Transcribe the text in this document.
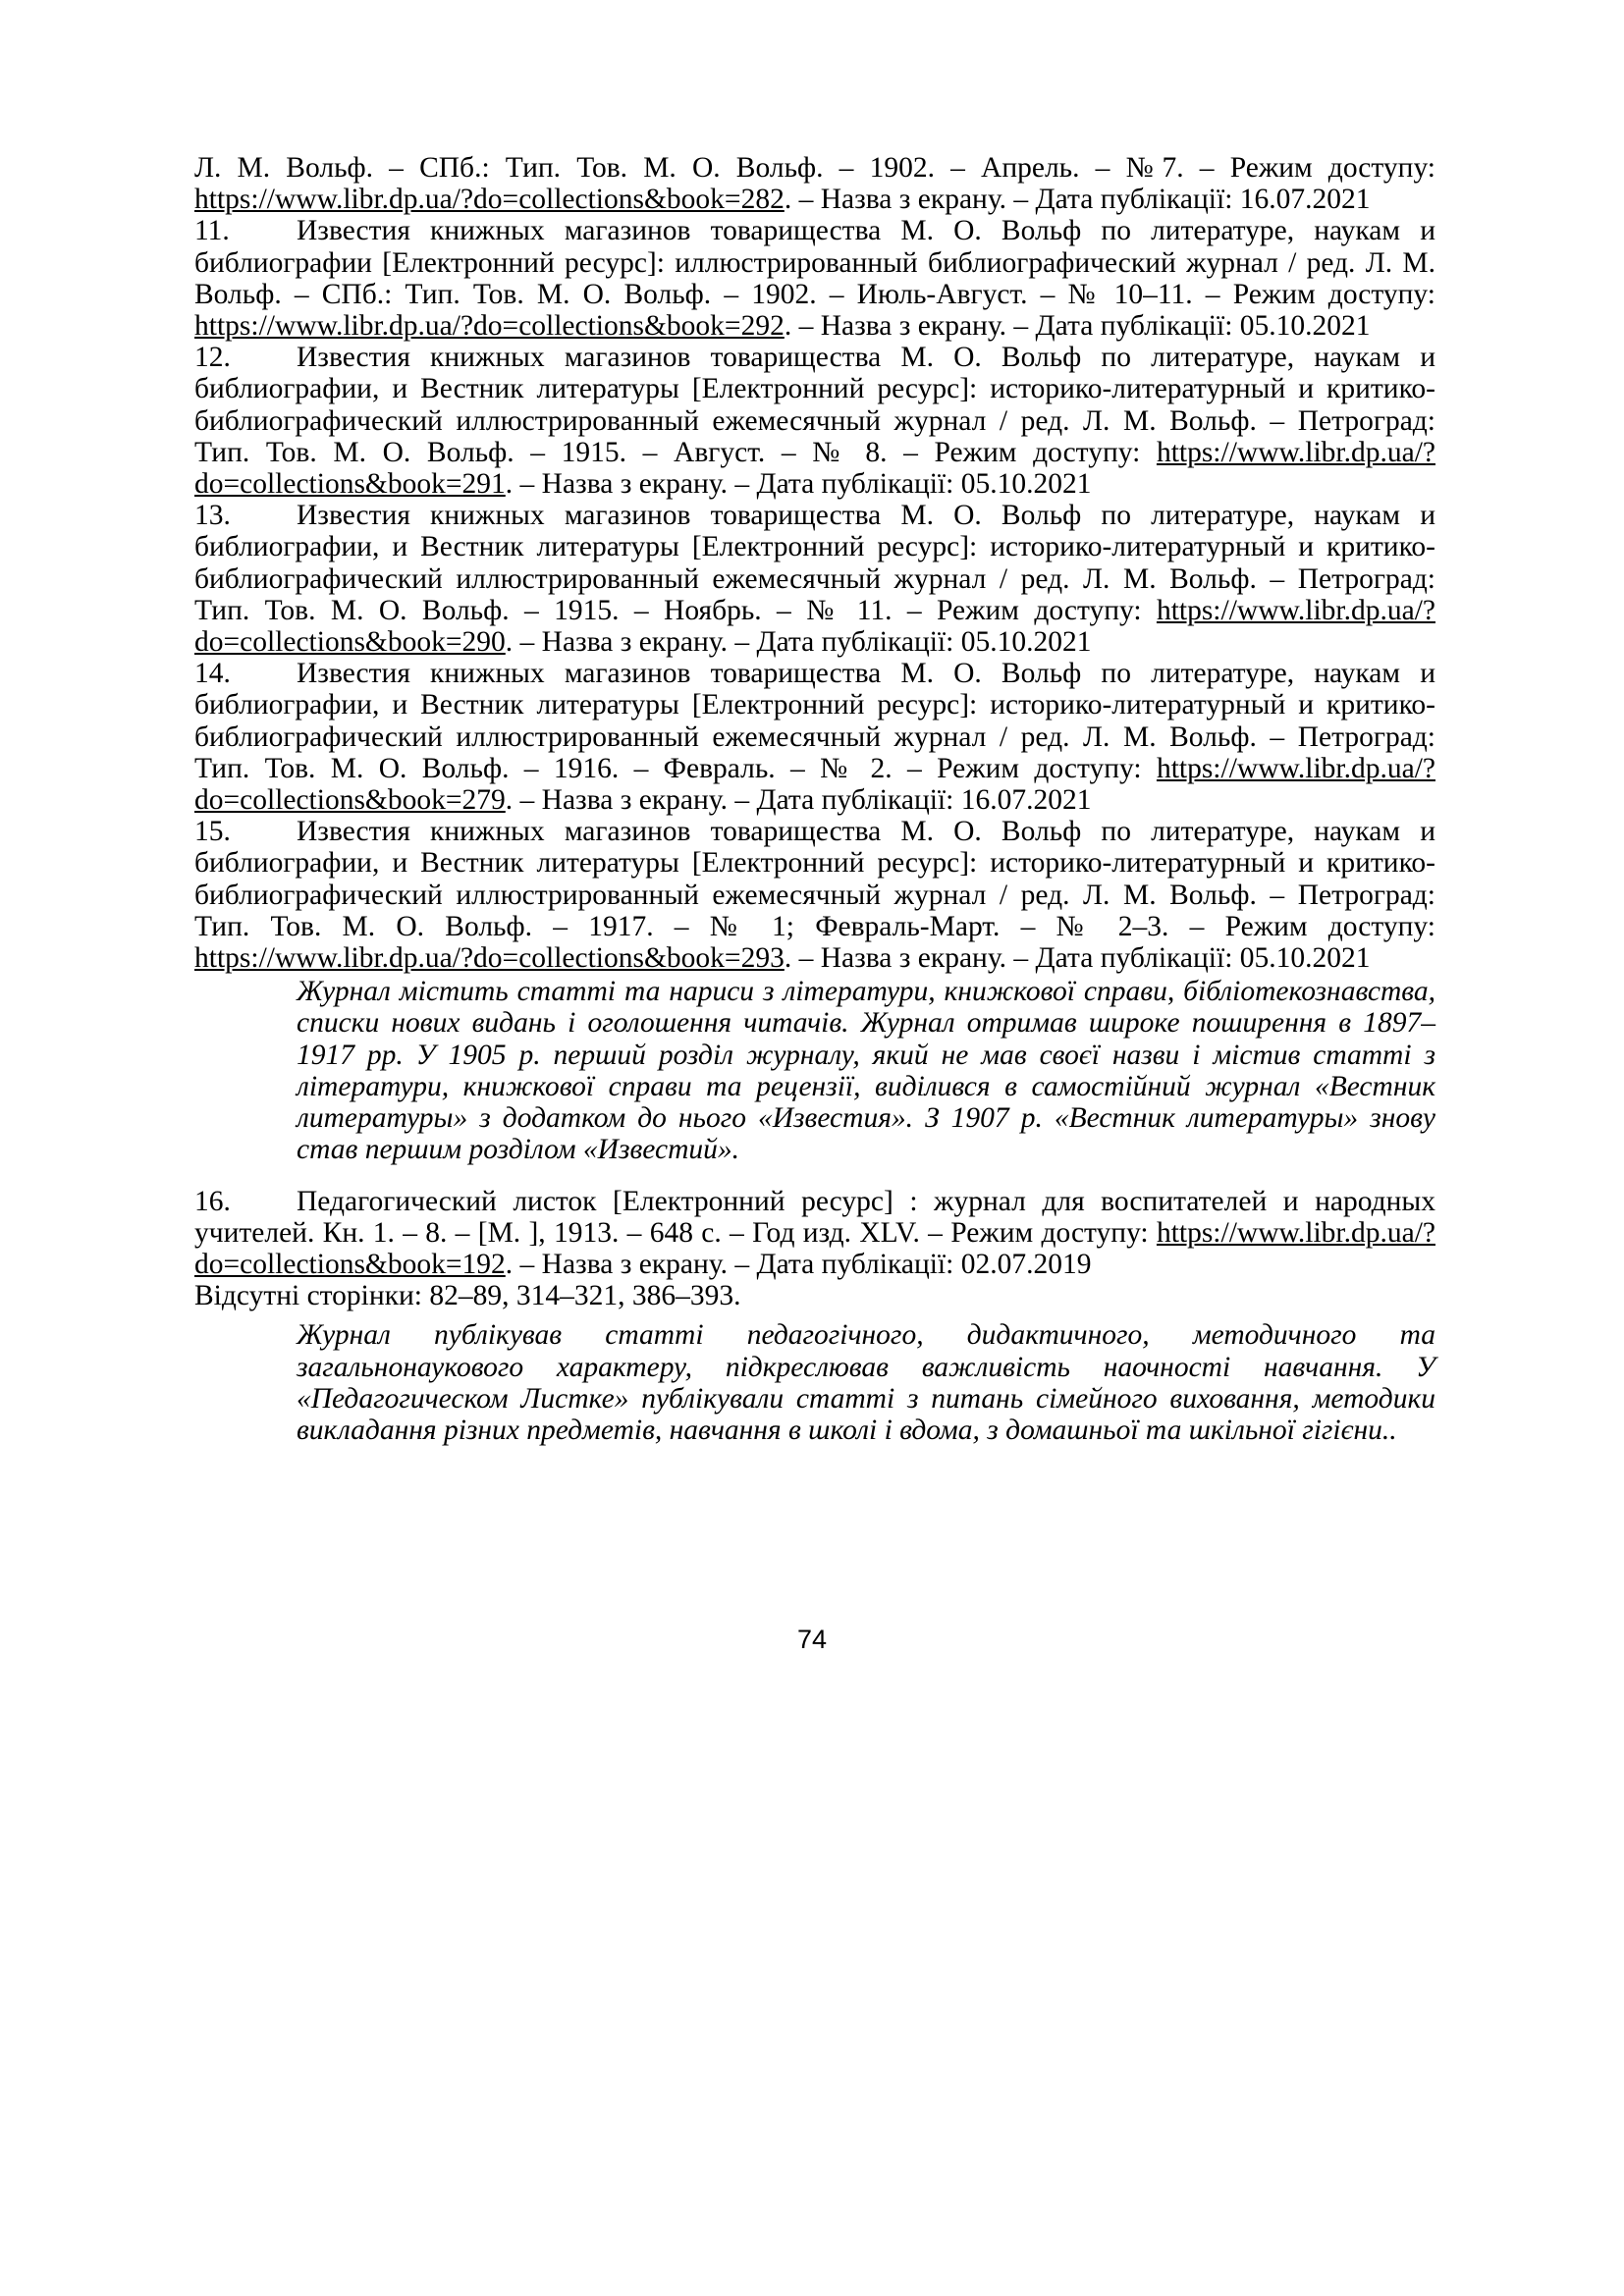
Л. М. Вольф. – СПб.: Тип. Тов. М. О. Вольф. – 1902. – Апрель. – №7. – Режим доступу: https://www.libr.dp.ua/?do=collections&book=282. – Назва з екрану. – Дата публікації: 16.07.2021

11. Известия книжных магазинов товарищества М. О. Вольф по литературе, наукам и библиографии [Електронний ресурс]: иллюстрированный библиографический журнал / ред. Л. М. Вольф. – СПб.: Тип. Тов. М. О. Вольф. – 1902. – Июль-Август. – № 10–11. – Режим доступу: https://www.libr.dp.ua/?do=collections&book=292. – Назва з екрану. – Дата публікації: 05.10.2021

12. Известия книжных магазинов товарищества М. О. Вольф по литературе, наукам и библиографии, и Вестник литературы [Електронний ресурс]: историко-литературный и критико-библиографический иллюстрированный ежемесячный журнал / ред. Л. М. Вольф. – Петроград: Тип. Тов. М. О. Вольф. – 1915. – Август. – № 8. – Режим доступу: https://www.libr.dp.ua/?do=collections&book=291. – Назва з екрану. – Дата публікації: 05.10.2021

13. Известия книжных магазинов товарищества М. О. Вольф по литературе, наукам и библиографии, и Вестник литературы [Електронний ресурс]: историко-литературный и критико-библиографический иллюстрированный ежемесячный журнал / ред. Л. М. Вольф. – Петроград: Тип. Тов. М. О. Вольф. – 1915. – Ноябрь. – № 11. – Режим доступу: https://www.libr.dp.ua/?do=collections&book=290. – Назва з екрану. – Дата публікації: 05.10.2021

14. Известия книжных магазинов товарищества М. О. Вольф по литературе, наукам и библиографии, и Вестник литературы [Електронний ресурс]: историко-литературный и критико-библиографический иллюстрированный ежемесячный журнал / ред. Л. М. Вольф. – Петроград: Тип. Тов. М. О. Вольф. – 1916. – Февраль. – № 2. – Режим доступу: https://www.libr.dp.ua/?do=collections&book=279. – Назва з екрану. – Дата публікації: 16.07.2021

15. Известия книжных магазинов товарищества М. О. Вольф по литературе, наукам и библиографии, и Вестник литературы [Електронний ресурс]: историко-литературный и критико-библиографический иллюстрированный ежемесячный журнал / ред. Л. М. Вольф. – Петроград: Тип. Тов. М. О. Вольф. – 1917. – № 1; Февраль-Март. – № 2–3. – Режим доступу: https://www.libr.dp.ua/?do=collections&book=293. – Назва з екрану. – Дата публікації: 05.10.2021

Журнал містить статті та нариси з літератури, книжкової справи, бібліотекознавства, списки нових видань і оголошення читачів. Журнал отримав широке поширення в 1897–1917 рр. У 1905 р. перший розділ журналу, який не мав своєї назви і містив статті з літератури, книжкової справи та рецензії, виділився в самостійний журнал «Вестник литературы» з додатком до нього «Известия». З 1907 р. «Вестник литературы» знову став першим розділом «Известий».

16. Педагогический листок [Електронний ресурс] : журнал для воспитателей и народных учителей. Кн. 1. – 8. – [М. ], 1913. – 648 с. – Год изд. XLV. – Режим доступу: https://www.libr.dp.ua/?do=collections&book=192. – Назва з екрану. – Дата публікації: 02.07.2019

Відсутні сторінки: 82–89, 314–321, 386–393.

Журнал публікував статті педагогічного, дидактичного, методичного та загальнонаукового характеру, підкреслював важливість наочності навчання. У «Педагогическом Листке» публікували статті з питань сімейного виховання, методики викладання різних предметів, навчання в школі і вдома, з домашньої та шкільної гігієни..

74
